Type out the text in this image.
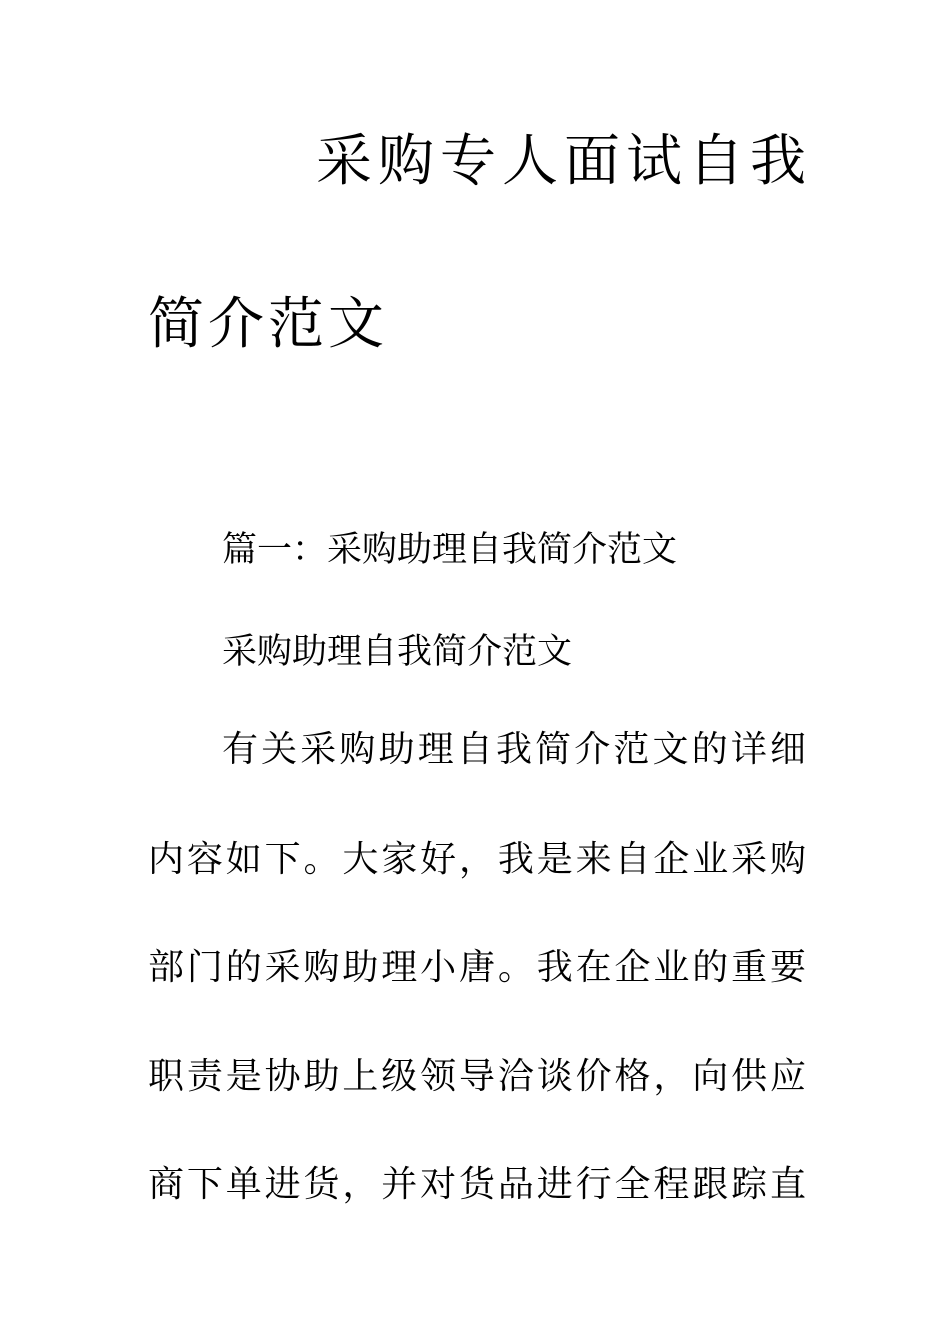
采购专人面试自我
简介范文
篇一：采购助理自我简介范文
采购助理自我简介范文
有关采购助理自我简介范文的详细
内容如下。大家好，我是来自企业采购
部门的采购助理小唐。我在企业的重要
职责是协助上级领导洽谈价格，向供应
商下单进货，并对货品进行全程跟踪直
